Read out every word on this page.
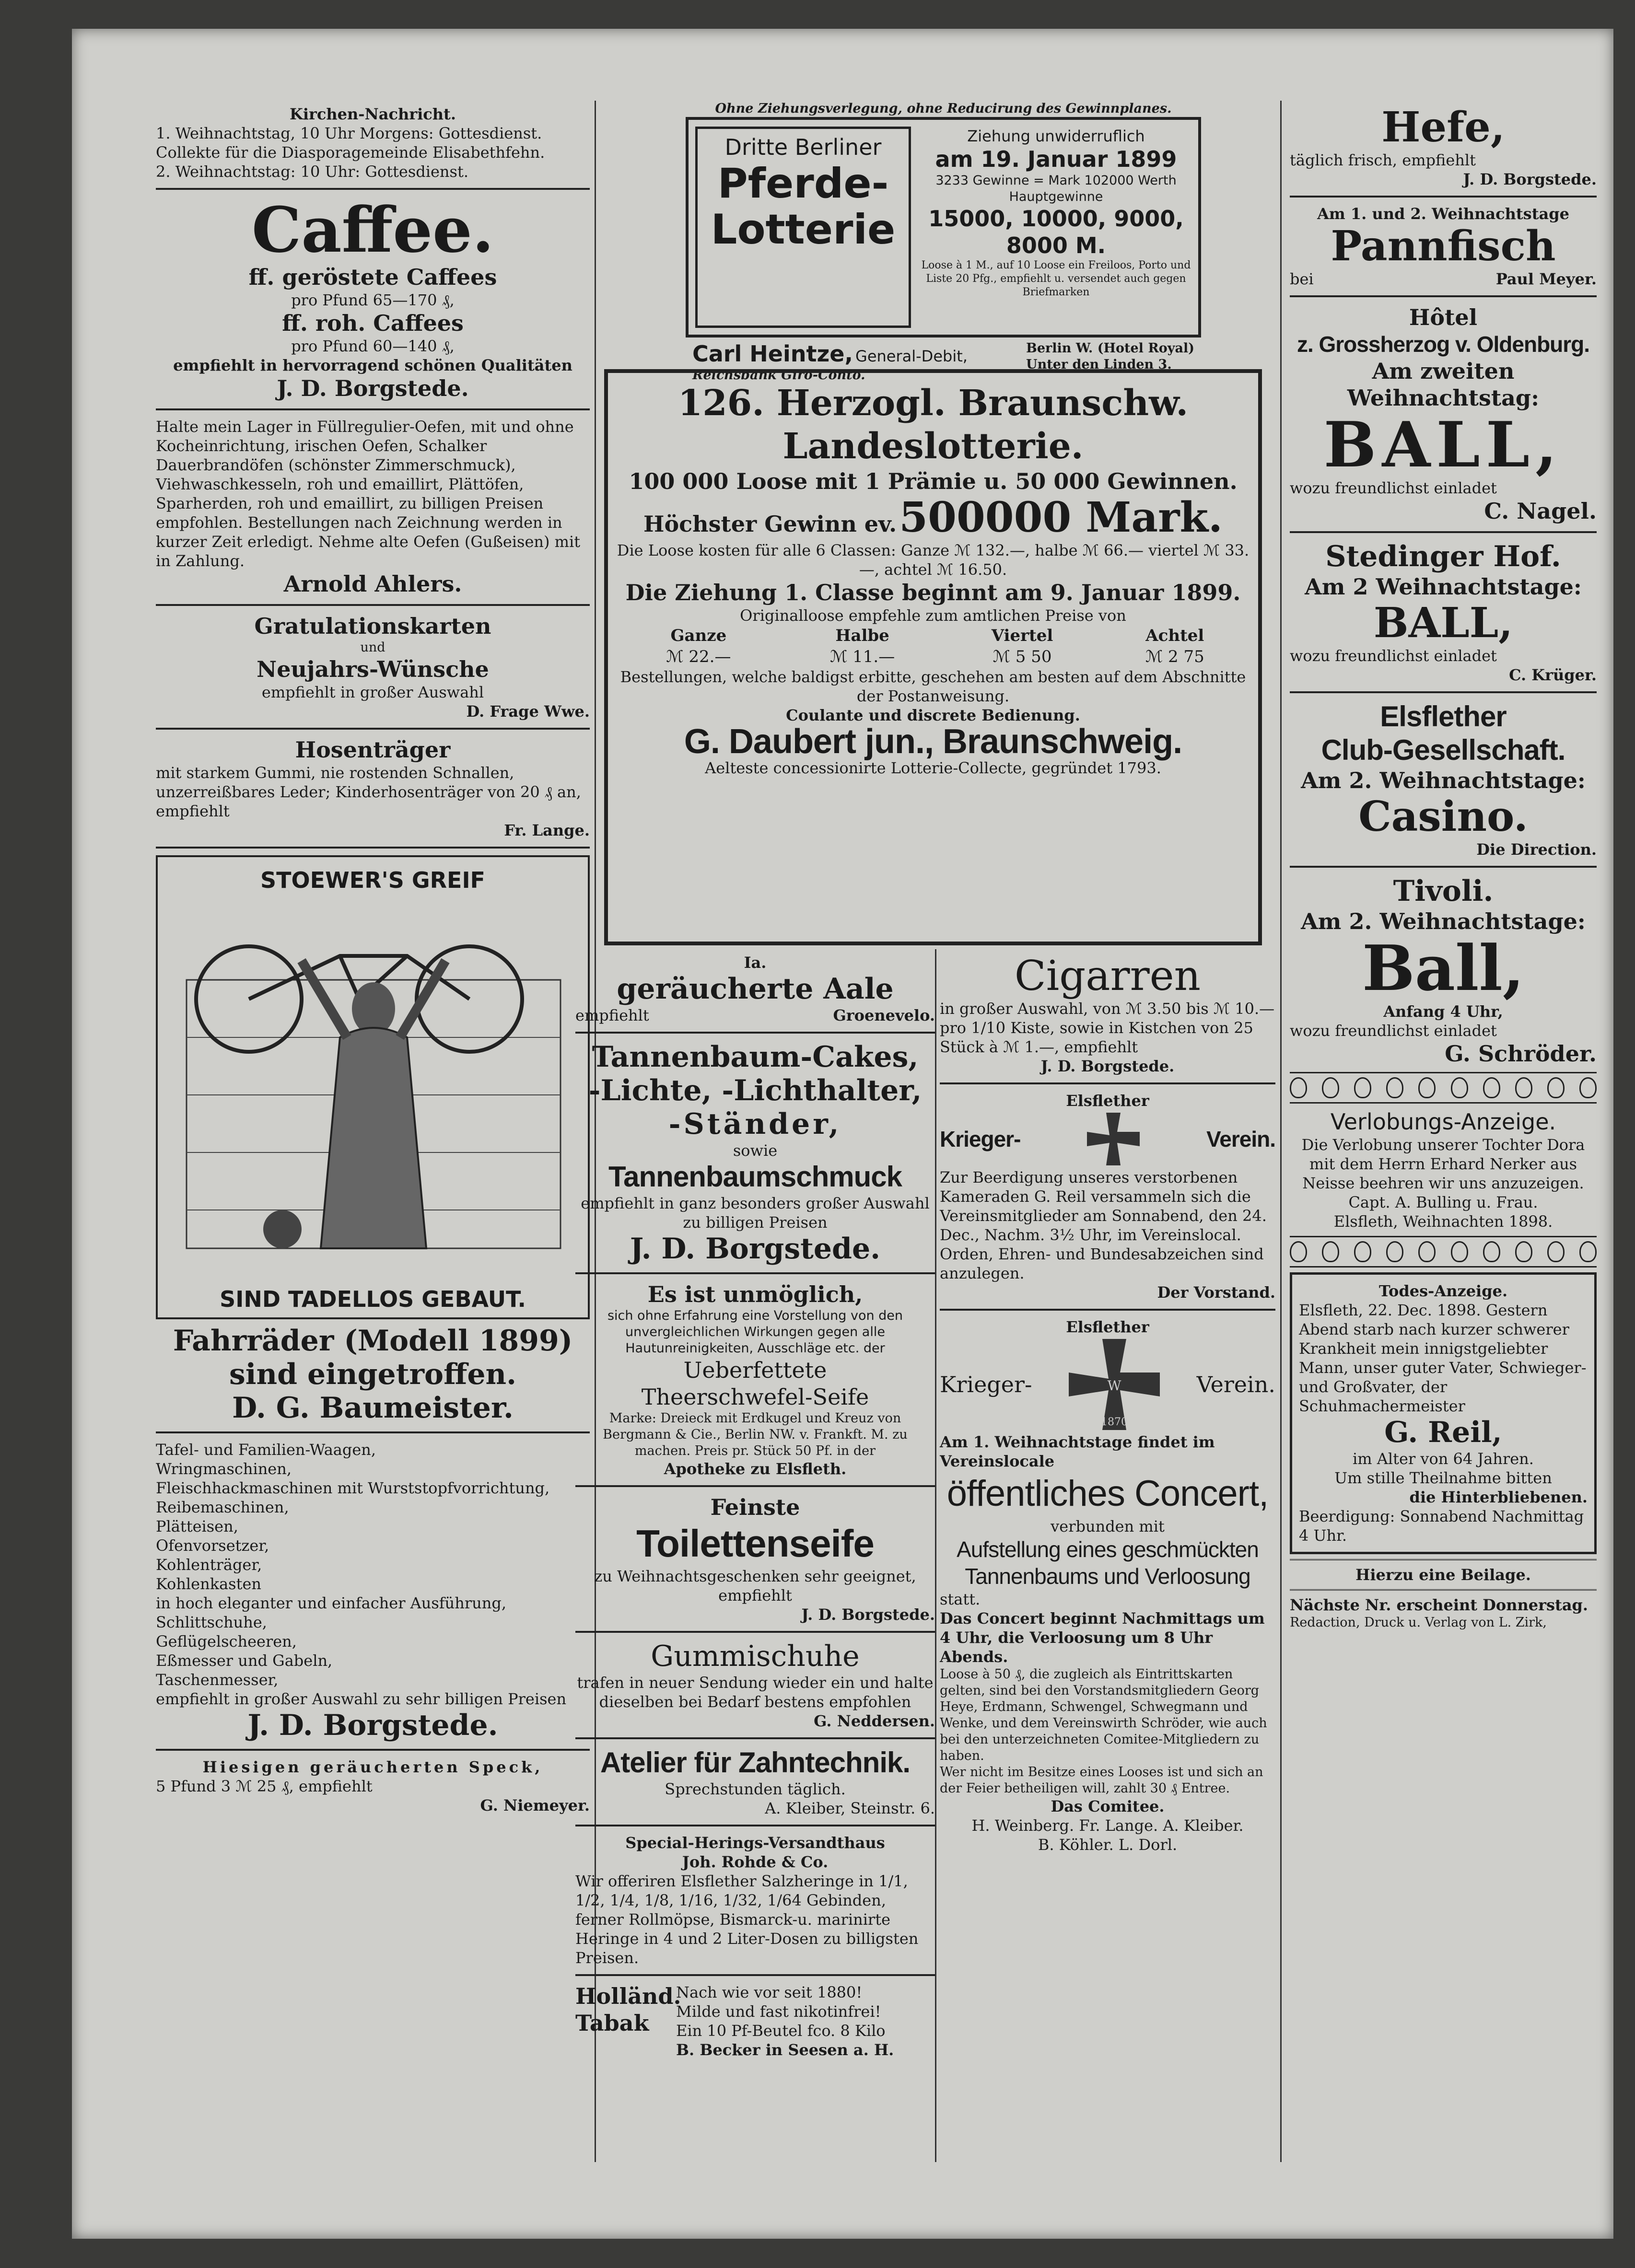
Kirchen-Nachricht.
1. Weihnachtstag, 10 Uhr Morgens: Gottesdienst.
Collekte für die Diasporagemeinde Elisabethfehn.
2. Weihnachtstag: 10 Uhr: Gottesdienst.
Caffee.
ff. geröstete Caffees
pro Pfund 65—170 ₰,
ff. roh. Caffees
pro Pfund 60—140 ₰,
empfiehlt in hervorragend schönen Qualitäten
J. D. Borgstede.
Halte mein Lager in Füllregulier-Oefen, mit und ohne Kocheinrichtung, irischen Oefen, Schalker Dauerbrandöfen (schönster Zimmerschmuck), Viehwaschkesseln, roh und emaillirt, Plättöfen, Sparherden, roh und emaillirt, zu billigen Preisen empfohlen. Bestellungen nach Zeichnung werden in kurzer Zeit erledigt. Nehme alte Oefen (Gußeisen) mit in Zahlung.
Arnold Ahlers.
Gratulationskarten
und
Neujahrs-Wünsche
empfiehlt in großer Auswahl
D. Frage Wwe.
Hosenträger
mit starkem Gummi, nie rostenden Schnallen, unzerreißbares Leder; Kinderhosenträger von 20 ₰ an, empfiehlt
Fr. Lange.
STOEWER'S GREIF
SIND TADELLOS GEBAUT.
Fahrräder (Modell 1899)
sind eingetroffen.
D. G. Baumeister.
Tafel- und Familien-Waagen,
Wringmaschinen,
Fleischhackmaschinen mit Wurststopfvorrichtung,
Reibemaschinen,
Plätteisen,
Ofenvorsetzer,
Kohlenträger,
Kohlenkasten
in hoch eleganter und einfacher Ausführung,
Schlittschuhe,
Geflügelscheeren,
Eßmesser und Gabeln,
Taschenmesser,
empfiehlt in großer Auswahl zu sehr billigen Preisen
J. D. Borgstede.
Hiesigen geräucherten Speck,
5 Pfund 3 ℳ 25 ₰, empfiehlt
G. Niemeyer.
Ohne Ziehungsverlegung, ohne Reducirung des Gewinnplanes.
Dritte Berliner
Pferde-
Lotterie
Ziehung unwiderruflich
am 19. Januar 1899
3233 Gewinne = Mark 102000 Werth
Hauptgewinne
15000, 10000, 9000, 8000 M.
Loose à 1 M., auf 10 Loose ein Freiloos, Porto und Liste 20 Pfg., empfiehlt u. versendet auch gegen Briefmarken
Carl Heintze, General-Debit,
Reichsbank Giro-Conto.
Berlin W. (Hotel Royal)
Unter den Linden 3.
126. Herzogl. Braunschw. Landeslotterie.
100 000 Loose mit 1 Prämie u. 50 000 Gewinnen.
Höchster Gewinn ev. 500000 Mark.
Die Loose kosten für alle 6 Classen: Ganze ℳ 132.—, halbe ℳ 66.— viertel ℳ 33.—, achtel ℳ 16.50.
Die Ziehung 1. Classe beginnt am 9. Januar 1899.
Originalloose empfehle zum amtlichen Preise von
Ganze	Halbe	Viertel	Achtel
ℳ 22.—	ℳ 11.—	ℳ 5 50	ℳ 2 75
Bestellungen, welche baldigst erbitte, geschehen am besten auf dem Abschnitte der Postanweisung.
Coulante und discrete Bedienung.
G. Daubert jun., Braunschweig.
Aelteste concessionirte Lotterie-Collecte, gegründet 1793.
Ia.
geräucherte Aale
empfiehlt	Groenevelo.
Tannenbaum-Cakes,
-Lichte, -Lichthalter,
-Ständer,
sowie
Tannenbaumschmuck
empfiehlt in ganz besonders großer Auswahl zu billigen Preisen
J. D. Borgstede.
Es ist unmöglich,
sich ohne Erfahrung eine Vorstellung von den unvergleichlichen Wirkungen gegen alle Hautunreinigkeiten, Ausschläge etc. der
Ueberfettete
Theerschwefel-Seife
Marke: Dreieck mit Erdkugel und Kreuz von Bergmann & Cie., Berlin NW. v. Frankft. M. zu machen. Preis pr. Stück 50 Pf. in der
Apotheke zu Elsfleth.
Feinste
Toilettenseife
zu Weihnachtsgeschenken sehr geeignet, empfiehlt
J. D. Borgstede.
Gummischuhe
trafen in neuer Sendung wieder ein und halte dieselben bei Bedarf bestens empfohlen
G. Neddersen.
Atelier für Zahntechnik.
Sprechstunden täglich.
A. Kleiber, Steinstr. 6.
Special-Herings-Versandthaus
Joh. Rohde & Co.
Wir offeriren Elsflether Salzheringe in 1/1, 1/2, 1/4, 1/8, 1/16, 1/32, 1/64 Gebinden, ferner Rollmöpse, Bismarck-u. marinirte Heringe in 4 und 2 Liter-Dosen zu billigsten Preisen.
Holländ.
Tabak
Nach wie vor seit 1880!
Milde und fast nikotinfrei!
Ein 10 Pf-Beutel fco. 8 Kilo
B. Becker in Seesen a. H.
Cigarren
in großer Auswahl, von ℳ 3.50 bis ℳ 10.— pro 1/10 Kiste, sowie in Kistchen von 25 Stück à ℳ 1.—, empfiehlt
J. D. Borgstede.
Elsflether
Krieger-	Verein.
Zur Beerdigung unseres verstorbenen Kameraden G. Reil versammeln sich die Vereinsmitglieder am Sonnabend, den 24. Dec., Nachm. 3½ Uhr, im Vereinslocal. Orden, Ehren- und Bundesabzeichen sind anzulegen.
Der Vorstand.
Elsflether
Krieger-	W
1870
Verein.
Am 1. Weihnachtstage findet im Vereinslocale
öffentliches Concert,
verbunden mit
Aufstellung eines geschmückten Tannenbaums und Verloosung
statt.
Das Concert beginnt Nachmittags um 4 Uhr, die Verloosung um 8 Uhr Abends.
Loose à 50 ₰, die zugleich als Eintrittskarten gelten, sind bei den Vorstandsmitgliedern Georg Heye, Erdmann, Schwengel, Schwegmann und Wenke, und dem Vereinswirth Schröder, wie auch bei den unterzeichneten Comitee-Mitgliedern zu haben.
Wer nicht im Besitze eines Looses ist und sich an der Feier betheiligen will, zahlt 30 ₰ Entree.
Das Comitee.
H. Weinberg. Fr. Lange. A. Kleiber.
B. Köhler. L. Dorl.
Hefe,
täglich frisch, empfiehlt
J. D. Borgstede.
Am 1. und 2. Weihnachtstage
Pannfisch
bei	Paul Meyer.
Hôtel
z. Grossherzog v. Oldenburg.
Am zweiten Weihnachtstag:
BALL,
wozu freundlichst einladet
C. Nagel.
Stedinger Hof.
Am 2 Weihnachtstage:
BALL,
wozu freundlichst einladet
C. Krüger.
Elsflether
Club-Gesellschaft.
Am 2. Weihnachtstage:
Casino.
Die Direction.
Tivoli.
Am 2. Weihnachtstage:
Ball,
Anfang 4 Uhr,
wozu freundlichst einladet
G. Schröder.
Verlobungs-Anzeige.
Die Verlobung unserer Tochter Dora mit dem Herrn Erhard Nerker aus Neisse beehren wir uns anzuzeigen.
Capt. A. Bulling u. Frau.
Elsfleth, Weihnachten 1898.
Todes-Anzeige.
Elsfleth, 22. Dec. 1898. Gestern Abend starb nach kurzer schwerer Krankheit mein innigstgeliebter Mann, unser guter Vater, Schwieger- und Großvater, der Schuhmachermeister
G. Reil,
im Alter von 64 Jahren.
Um stille Theilnahme bitten
die Hinterbliebenen.
Beerdigung: Sonnabend Nachmittag 4 Uhr.
Hierzu eine Beilage.
Nächste Nr. erscheint Donnerstag.
Redaction, Druck u. Verlag von L. Zirk,
